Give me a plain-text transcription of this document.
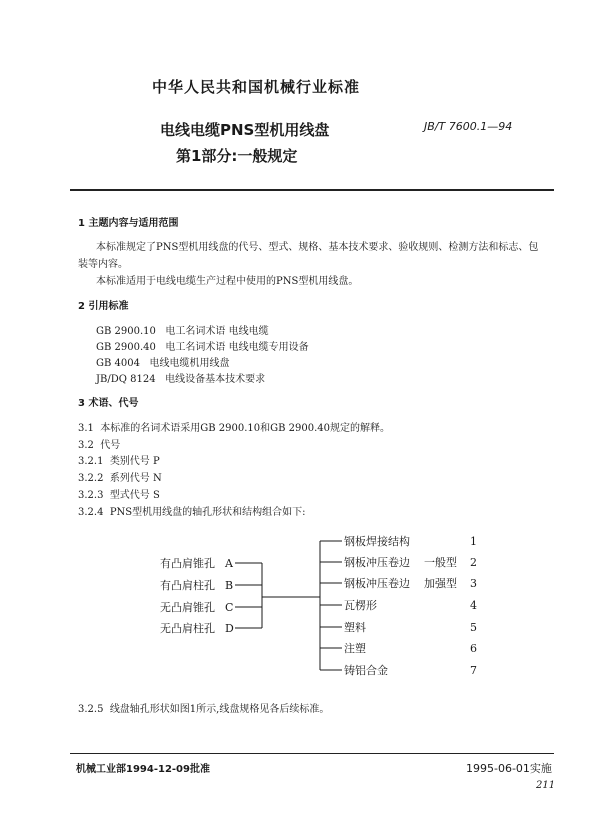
中华人民共和国机械行业标准
电线电缆PNS型机用线盘
第1部分:一般规定
JB/T 7600.1—94
1 主题内容与适用范围
本标准规定了PNS型机用线盘的代号、型式、规格、基本技术要求、验收规则、检测方法和标志、包
装等内容。
本标准适用于电线电缆生产过程中使用的PNS型机用线盘。
2 引用标准
GB 2900.10 电工名词术语 电线电缆
GB 2900.40 电工名词术语 电线电缆专用设备
GB 4004 电线电缆机用线盘
JB/DQ 8124 电线设备基本技术要求
3 术语、代号
3.1 本标准的名词术语采用GB 2900.10和GB 2900.40规定的解释。
3.2 代号
3.2.1 类别代号 P
3.2.2 系列代号 N
3.2.3 型式代号 S
3.2.4 PNS型机用线盘的轴孔形状和结构组合如下:
有凸肩锥孔 A
有凸肩柱孔 B
无凸肩锥孔 C
无凸肩柱孔 D
钢板焊接结构	1
钢板冲压卷边 一般型 2
钢板冲压卷边 加强型 3
瓦楞形	4
塑料	5
注塑	6
铸铝合金	7
3.2.5 线盘轴孔形状如图1所示,线盘规格见各后续标准。
机械工业部1994-12-09批准	1995-06-01实施
211
